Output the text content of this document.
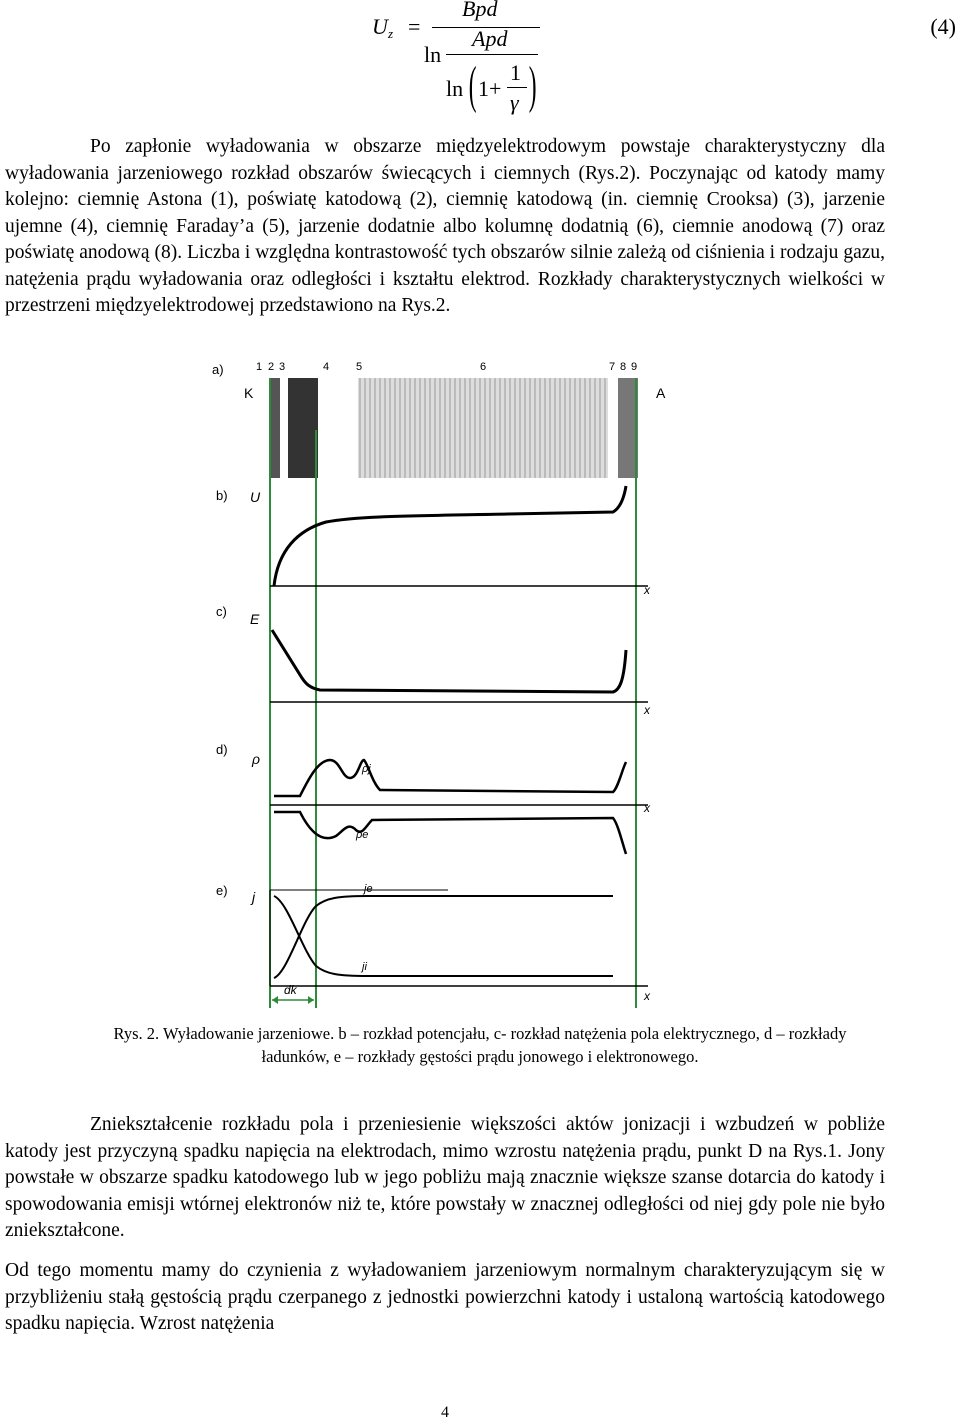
U z =
Bpd
ln
Apd
ln ( 1+
1
γ )
(4)

Po zapłonie wyładowania w obszarze międzyelektrodowym powstaje charakterystyczny dla wyładowania jarzeniowego rozkład obszarów świecących i ciemnych (Rys.2). Poczynając od katody mamy kolejno: ciemnię Astona (1), poświatę katodową (2), ciemnię katodową (in. ciemnię Crooksa) (3), jarzenie ujemne (4), ciemnię Faraday’a (5), jarzenie dodatnie albo kolumnę dodatnią (6), ciemnie anodową (7) oraz poświatę anodową (8). Liczba i względna kontrastowość tych obszarów silnie zależą od ciśnienia i rodzaju gazu, natężenia prądu wyładowania oraz odległości i kształtu elektrod. Rozkłady charakterystycznych wielkości w przestrzeni międzyelektrodowej przedstawiono na Rys.2.

a)	1 2 3	4 5	6	7 8 9
K	A
b) U
x
c) E
x
d)
ρ
x
ρj
ρe
e) j
x
je
ji
dk
Rys. 2. Wyładowanie jarzeniowe. b – rozkład potencjału, c- rozkład natężenia pola elektrycznego, d – rozkłady
ładunków, e – rozkłady gęstości prądu jonowego i elektronowego.

Zniekształcenie rozkładu pola i przeniesienie większości aktów jonizacji i wzbudzeń w pobliże katody jest przyczyną spadku napięcia na elektrodach, mimo wzrostu natężenia prądu, punkt D na Rys.1. Jony powstałe w obszarze spadku katodowego lub w jego pobliżu mają znacznie większe szanse dotarcia do katody i spowodowania emisji wtórnej elektronów niż te, które powstały w znacznej odległości od niej gdy pole nie było zniekształcone.

Od tego momentu mamy do czynienia z wyładowaniem jarzeniowym normalnym charakteryzującym się w przybliżeniu stałą gęstością prądu czerpanego z jednostki powierzchni katody i ustaloną wartością katodowego spadku napięcia. Wzrost natężenia

4
